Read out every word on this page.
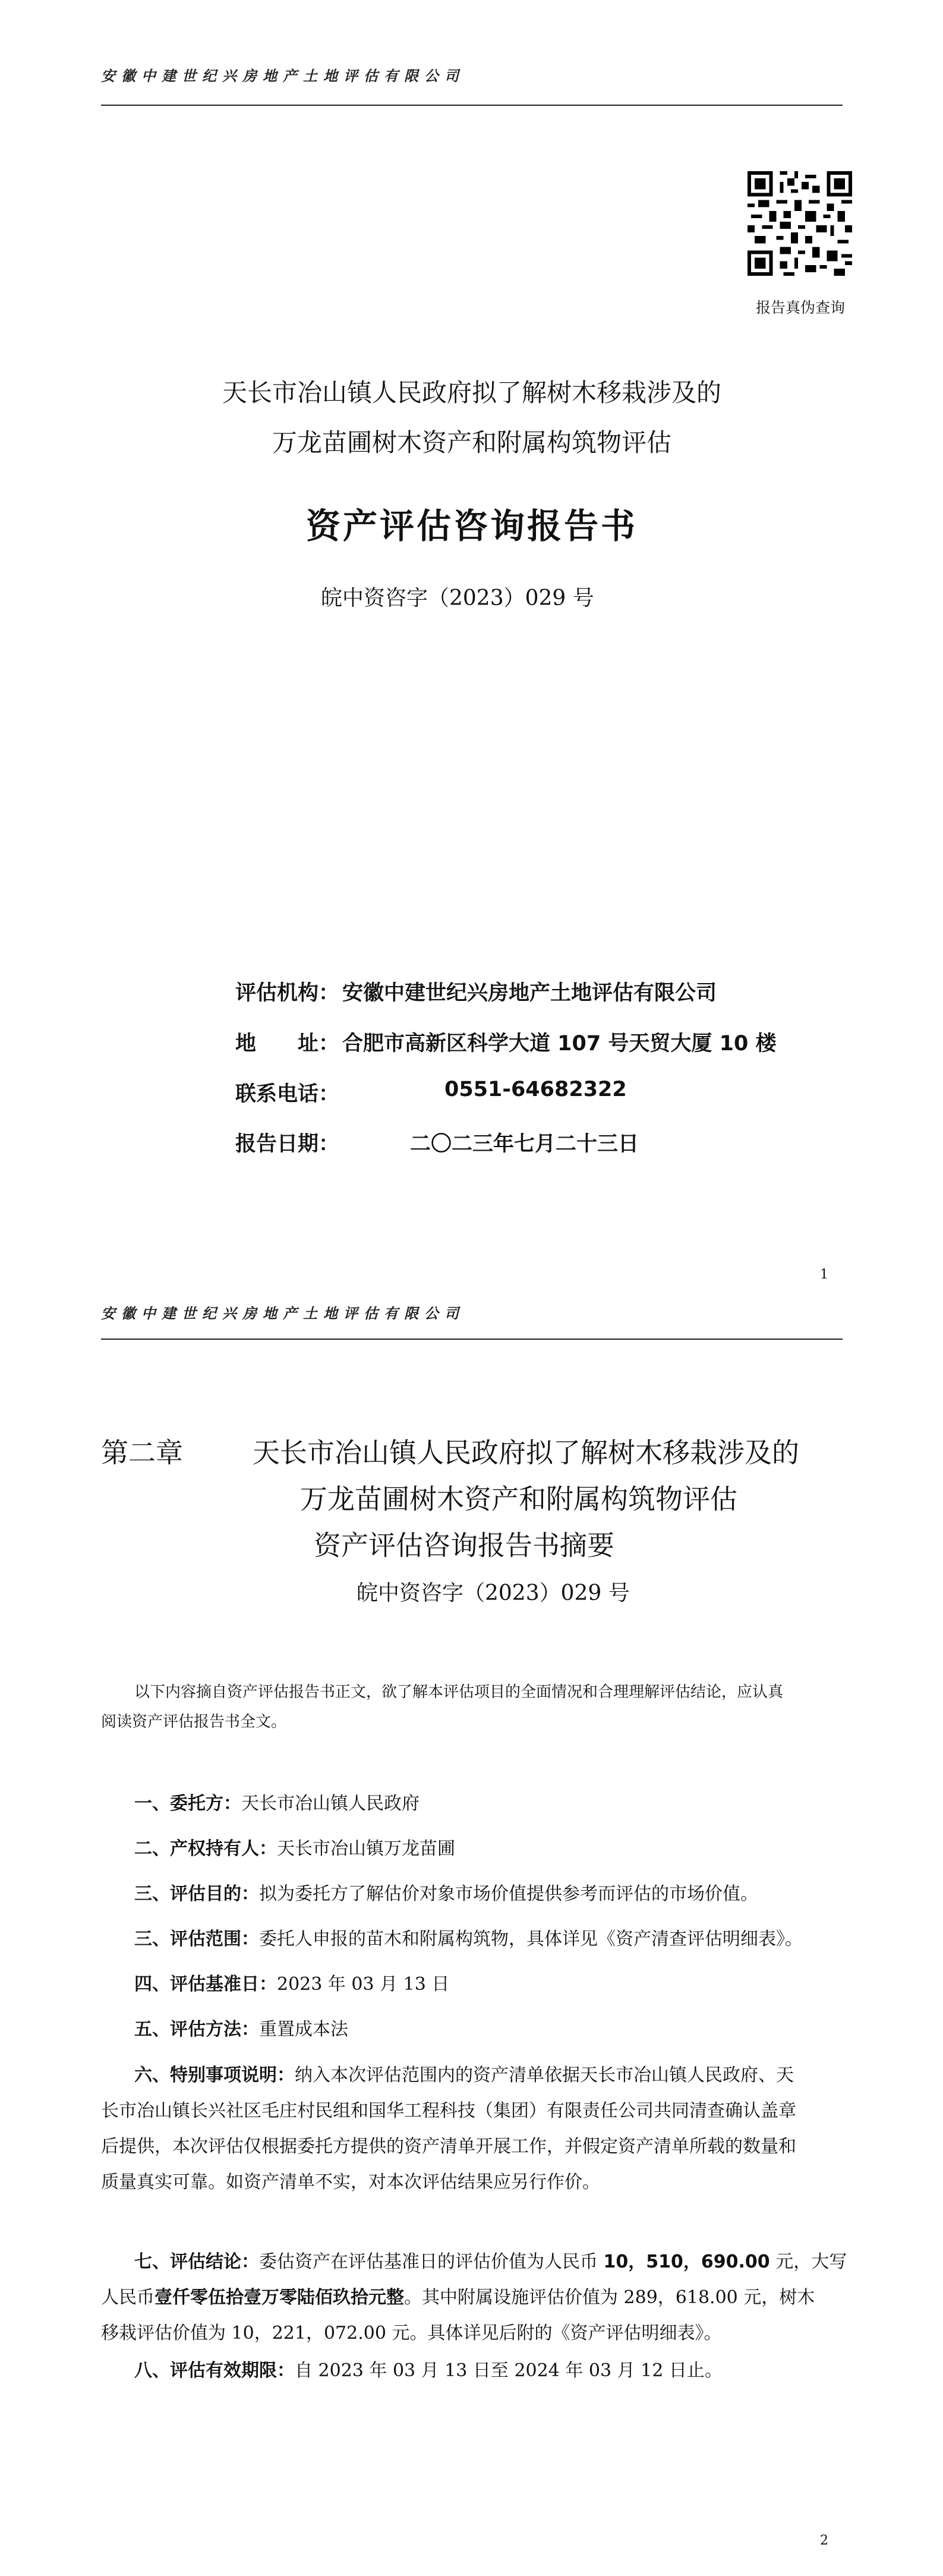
安徽中建世纪兴房地产土地评估有限公司
报告真伪查询
天长市冶山镇人民政府拟了解树木移栽涉及的
万龙苗圃树木资产和附属构筑物评估
资产评估咨询报告书
皖中资咨字（2023）029 号
评估机构： 安徽中建世纪兴房地产土地评估有限公司
地　　址： 合肥市高新区科学大道 107 号天贸大厦 10 楼
联系电话：	0551-64682322
报告日期：	二〇二三年七月二十三日
1
安徽中建世纪兴房地产土地评估有限公司
第二章	天长市冶山镇人民政府拟了解树木移栽涉及的
万龙苗圃树木资产和附属构筑物评估
资产评估咨询报告书摘要
皖中资咨字（2023）029 号
以下内容摘自资产评估报告书正文，欲了解本评估项目的全面情况和合理理解评估结论，应认真
阅读资产评估报告书全文。
一、委托方：天长市冶山镇人民政府
二、产权持有人：天长市冶山镇万龙苗圃
三、评估目的：拟为委托方了解估价对象市场价值提供参考而评估的市场价值。
三、评估范围：委托人申报的苗木和附属构筑物，具体详见《资产清查评估明细表》。
四、评估基准日：2023 年 03 月 13 日
五、评估方法：重置成本法
六、特别事项说明：纳入本次评估范围内的资产清单依据天长市冶山镇人民政府、天
长市冶山镇长兴社区毛庄村民组和国华工程科技（集团）有限责任公司共同清查确认盖章
后提供，本次评估仅根据委托方提供的资产清单开展工作，并假定资产清单所载的数量和
质量真实可靠。如资产清单不实，对本次评估结果应另行作价。
七、评估结论：委估资产在评估基准日的评估价值为人民币 10，510，690.00 元，大写
人民币壹仟零伍拾壹万零陆佰玖拾元整。其中附属设施评估价值为 289，618.00 元，树木
移栽评估价值为 10，221，072.00 元。具体详见后附的《资产评估明细表》。
八、评估有效期限：自 2023 年 03 月 13 日至 2024 年 03 月 12 日止。
2
